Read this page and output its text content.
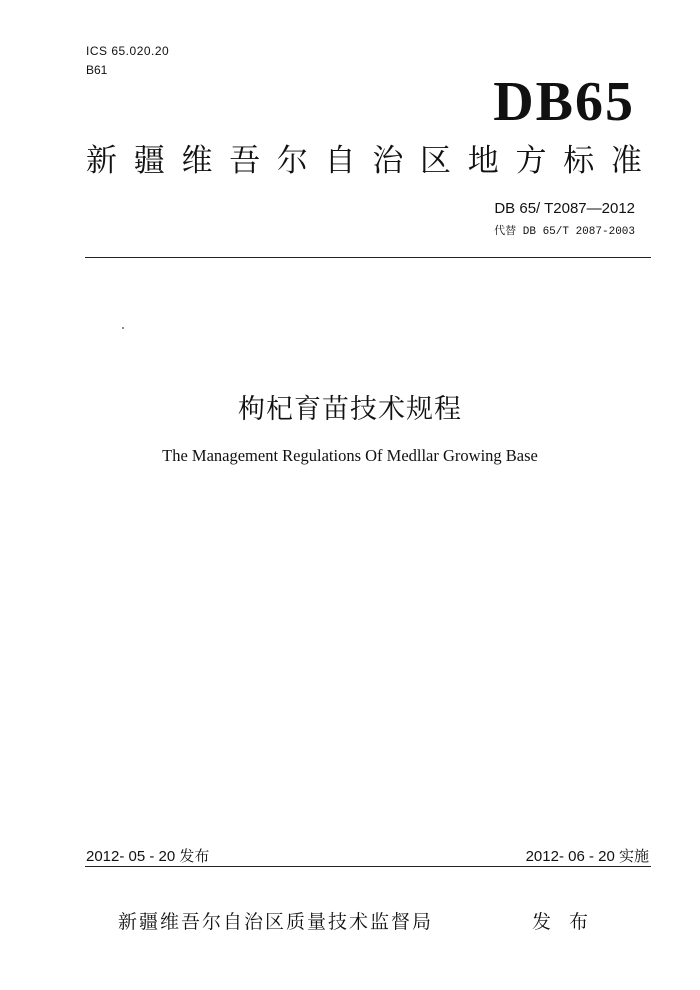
ICS 65.020.20
B61
DB65
新 疆 维 吾 尔 自 治 区 地 方 标 准
DB 65/ T2087—2012
代替 DB 65/T 2087-2003
枸杞育苗技术规程
The Management Regulations Of Medllar Growing Base
2012- 05 - 20 发布	2012- 06 - 20 实施
新疆维吾尔自治区质量技术监督局	发 布
